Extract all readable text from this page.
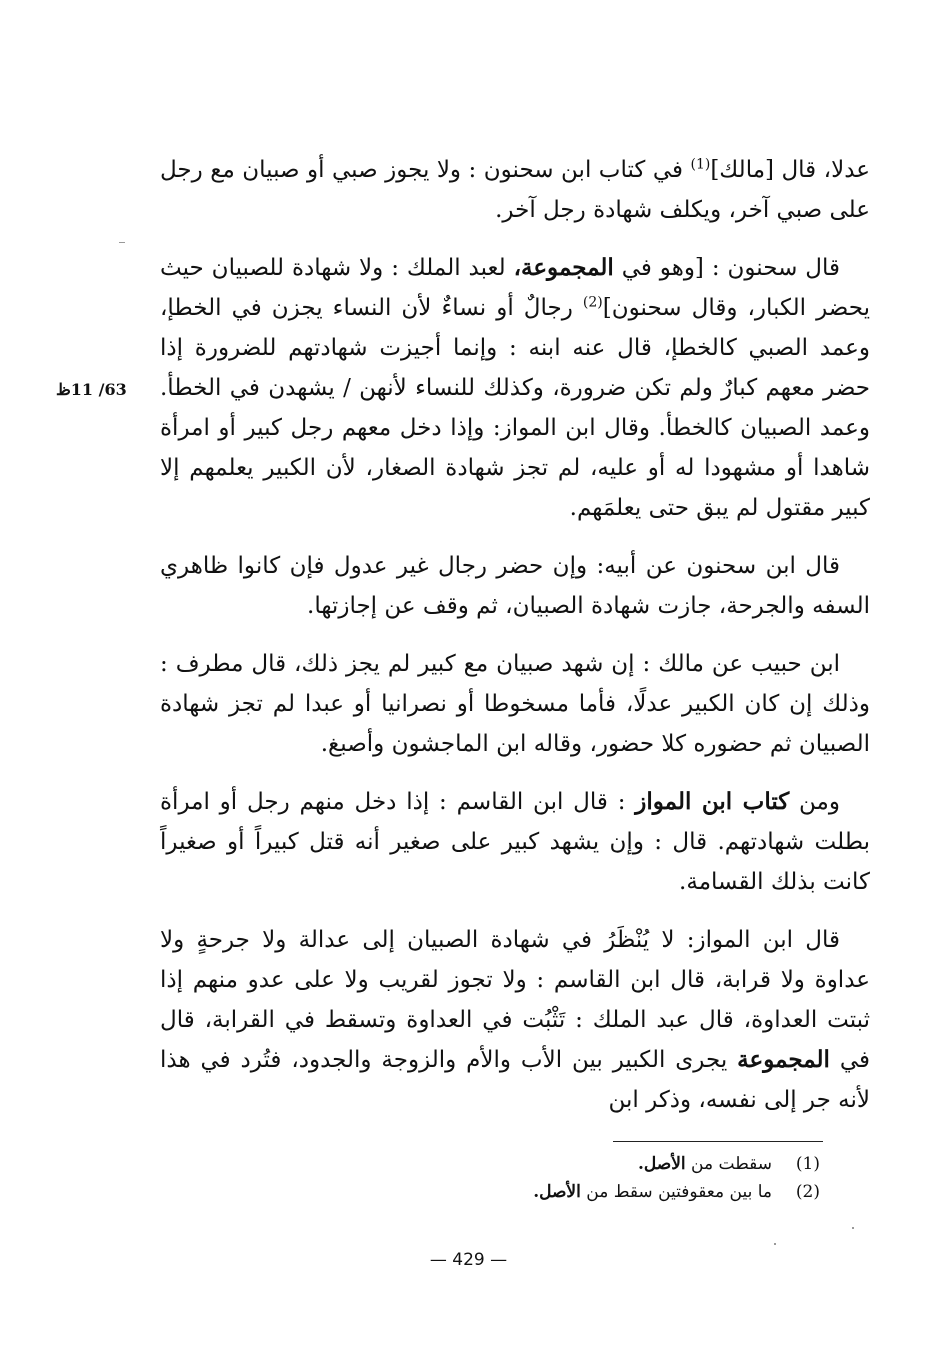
عدلا، قال [مالك]$^{(1)}$ في كتاب ابن سحنون : ولا يجوز صبي أو صبيان مع رجل على صبي آخر، ويكلف شهادة رجل آخر.

قال سحنون : [وهو في المجموعة، لعبد الملك : ولا شهادة للصبيان حيث يحضر الكبار، وقال سحنون]$^{(2)}$ رجالٌ أو نساءٌ لأن النساء يجزن في الخطإ، وعمد الصبي كالخطإ، قال عنه ابنه : وإنما أجيزت شهادتهم للضرورة إذا حضر معهم كبارٌ ولم تكن ضرورة، وكذلك للنساء لأنهن / يشهدن في الخطأ. وعمد الصبيان كالخطأ. وقال ابن المواز: وإذا دخل معهم رجل كبير أو امرأة شاهدا أو مشهودا له أو عليه، لم تجز شهادة الصغار، لأن الكبير يعلمهم إلا كبير مقتول لم يبق حتى يعلمَهم.

قال ابن سحنون عن أبيه: وإن حضر رجال غير عدول فإن كانوا ظاهري السفه والجرحة، جازت شهادة الصبيان، ثم وقف عن إجازتها.

ابن حبيب عن مالك : إن شهد صبيان مع كبير لم يجز ذلك، قال مطرف : وذلك إن كان الكبير عدلًا، فأما مسخوطا أو نصرانيا أو عبدا لم تجز شهادة الصبيان ثم حضوره كلا حضور، وقاله ابن الماجشون وأصبغ.

ومن كتاب ابن المواز : قال ابن القاسم : إذا دخل منهم رجل أو امرأة بطلت شهادتهم. قال : وإن يشهد كبير على صغير أنه قتل كبيراً أو صغيراً كانت بذلك القسامة.

قال ابن المواز: لا يُنْظَرُ في شهادة الصبيان إلى عدالة ولا جرحةٍ ولا عداوة ولا قرابة، قال ابن القاسم : ولا تجوز لقريب ولا على عدو منهم إذا ثبتت العداوة، قال عبد الملك : تَثْبُت في العداوة وتسقط في القرابة، قال في المجموعة يجرى الكبير بين الأب والأم والزوجة والجدود، فتُرد في هذا لأنه جر إلى نفسه، وذكر ابن

63/ 11ظ

(1)سقطت من الأصل.

(2)ما بين معقوفتين سقط من الأصل.

— 429 —
